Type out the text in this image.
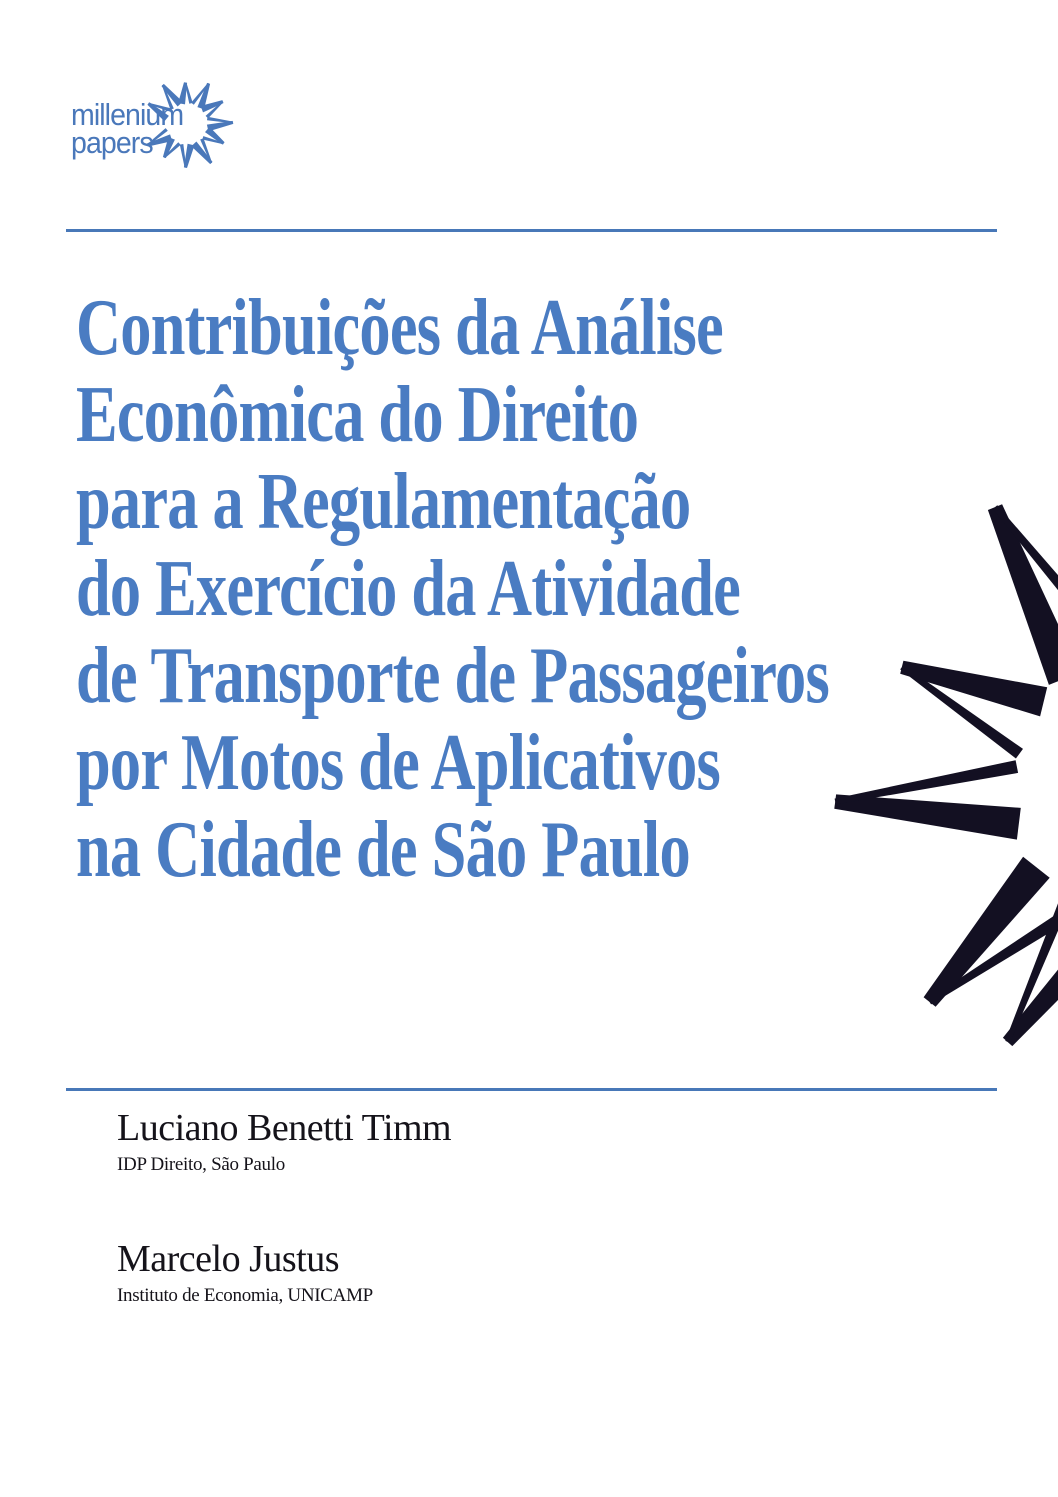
millenium
papers
Contribuições da Análise
Econômica do Direito
para a Regulamentação
do Exercício da Atividade
de Transporte de Passageiros
por Motos de Aplicativos
na Cidade de São Paulo
Luciano Benetti Timm
IDP Direito, São Paulo
Marcelo Justus
Instituto de Economia, UNICAMP
